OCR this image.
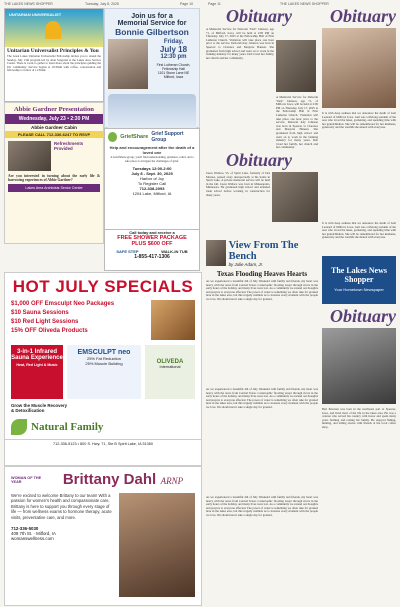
THE LAKES NEWS SHOPPER	Tuesday, July 8, 2025	Page 10	Page 11	THE LAKES NEWS SHOPPER
UNITARIAN UNIVERSALIST
Unitarian Universalist Principles & You
The Great Lakes Unitarian Universalist Fellowship invites you to attend the Sunday, July 13th program led by Alan Soigerud at the Lakes Area Service Center. There is room to gather to learn more about the principles guiding the UU community. Service begins at 10:30am with coffee, conversation and fellowship to follow at 11:30am.
Join us for a
Memorial Service for
Bonnie Gilbertson
Friday,
July 18
12:30 pm
First Lutheran Church,
Fellowship Hall
1101 Stone Lane NE
Milford, Iowa
GriefShare Grief Support Group
Help and encouragement after the death of a loved one
A GriefShare group, you'll find understanding, guidance, relief, and a safe place to navigate the challenges of grief.
Tuesdays 12:00-2:00
July 8 - Sept. 30, 2025
Harbor of Joy
To Register Call
712-338-2093
1204 Lake, Milford, IA
Abbie Gardner Presentation
Wednesday, July 23 • 2:30 PM
Abbie Gardner Cabin
PLEASE CALL 712-336-6247 TO RSVP
Refreshments Provided
Are you interested in turning about the early life & harrowing experiences of Abbie Gardner?
Lakes Area Archivists Senior Center
Call today and receive a
FREE SHOWER PACKAGE
PLUS $600 OFF
SAFE STEP	WALK-IN TUB
1-855-417-1306
HOT JULY SPECIALS
$1,000 OFF Emsculpt Neo Packages
$10 Sauna Sessions
$10 Red Light Sessions
15% OFF Oliveda Products
3-in-1 Infrared Sauna Experience
Heat, Red Light & Music
EMSCULPT neo
25% Fat Reduction
25% Muscle Building	OLIVEDA
International
Grow the Muscle Recovery & Detoxification
Natural Family
712-336-5123 • 800 S. Hwy. 71, Ste B Spirit Lake, IA 51360
WOMAN OF THE YEAR	Brittany Dahl ARNP
We're excited to welcome Brittany to our team! With a passion for women's health and compassionate care, Brittany is here to support you through every stage of life — from wellness exams to hormone therapy, acute visits, preventative care, and more.
712-336-5030
409 7th St. · Milford, IA
womanswellness.com
Obituary Obituary
A Memorial Service for Deborah "Deb" Johnson, age 71, of Milford, Iowa, will be held at 2:00 PM on Thursday, July 17, 2025 at the Fellowship Hall of First Lutheran Church. Visitation will take place one hour prior to the service. Deborah Kay Johnson was born in Spencer to Clarence and Marjorie Hansen. She graduated from high school and went on to work in the banking industry for many years. Deb loved her family, her church and her community.
A Memorial Service for Deborah "Deb" Johnson, age 71, of Milford, Iowa, will be held at 2:00 PM on Thursday, July 17, 2025 at the Fellowship Hall of First Lutheran Church. Visitation will take place one hour prior to the service. Deborah Kay Johnson was born in Spencer to Clarence and Marjorie Hansen. She graduated from high school and went on to work in the banking industry for many years. Deb loved her family, her church and her community.
It is with deep sadness that we announce the death of Gail Leonard of Milford, Iowa. Gail was a lifelong resident of the area who loved the lakes, gardening, and spending time with her grandchildren. She will be remembered for her kindness, generosity and the warmth she shared with everyone.
Obituary
Jason Wallace, 55, of Spirit Lake, formerly of Des Moines, passed away unexpectedly at his home in Spirit Lake. A private memorial service will be held in the fall. Jason Wallace was born in Minneapolis, Minnesota. He graduated high school and attended trade school before working in construction for many years.
It is with deep sadness that we announce the death of Gail Leonard of Milford, Iowa. Gail was a lifelong resident of the area who loved the lakes, gardening, and spending time with her grandchildren. She will be remembered for her kindness, generosity and the warmth she shared with everyone.
View From The Bench
by Julie Adam, Jr.
Texas Flooding Heaves Hearts
As we experienced a beautiful 4th of July Weekend with family and friends, my heart was heavy with the news from Central Texas. Catastrophic flooding swept through rivers in the early hours of the holiday, and many lives were lost. As a community we extend our thoughts and prayers to everyone affected. The power of water is something we often take for granted here in the lakes area, but this tragedy reminds us to treasure every moment with the people we love. We should never take a single day for granted.
As we experienced a beautiful 4th of July Weekend with family and friends, my heart was heavy with the news from Central Texas. Catastrophic flooding swept through rivers in the early hours of the holiday, and many lives were lost. As a community we extend our thoughts and prayers to everyone affected. The power of water is something we often take for granted here in the lakes area, but this tragedy reminds us to treasure every moment with the people we love. We should never take a single day for granted.
As we experienced a beautiful 4th of July Weekend with family and friends, my heart was heavy with the news from Central Texas. Catastrophic flooding swept through rivers in the early hours of the holiday, and many lives were lost. As a community we extend our thoughts and prayers to everyone affected. The power of water is something we often take for granted here in the lakes area, but this tragedy reminds us to treasure every moment with the people we love. We should never take a single day for granted.
The Lakes News Shopper
Your Hometown Newspaper
Obituary
Bert Petersen was born in the northwest part of Spencer, Iowa, and lived most of his life in the lakes area. He was a veteran who served his country with honor and spent many years farming and raising his family. He enjoyed fishing, hunting, and telling stories with friends at the local coffee shop.
